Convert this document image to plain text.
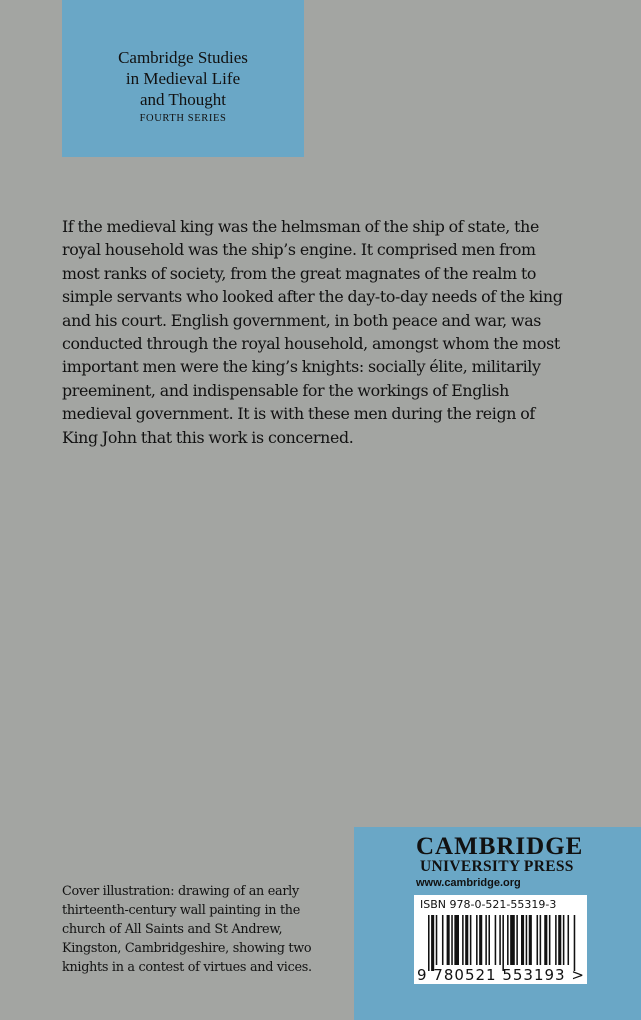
Cambridge Studies
in Medieval Life
and Thought
FOURTH SERIES
If the medieval king was the helmsman of the ship of state, the
royal household was the ship’s engine. It comprised men from
most ranks of society, from the great magnates of the realm to
simple servants who looked after the day-to-day needs of the king
and his court. English government, in both peace and war, was
conducted through the royal household, amongst whom the most
important men were the king’s knights: socially élite, militarily
preeminent, and indispensable for the workings of English
medieval government. It is with these men during the reign of
King John that this work is concerned.
Cover illustration: drawing of an early
thirteenth-century wall painting in the
church of All Saints and St Andrew,
Kingston, Cambridgeshire, showing two
knights in a contest of virtues and vices.
CAMBRIDGE
UNIVERSITY PRESS
www.cambridge.org
ISBN 978-0-521-55319-3
9 780521 553193 >
